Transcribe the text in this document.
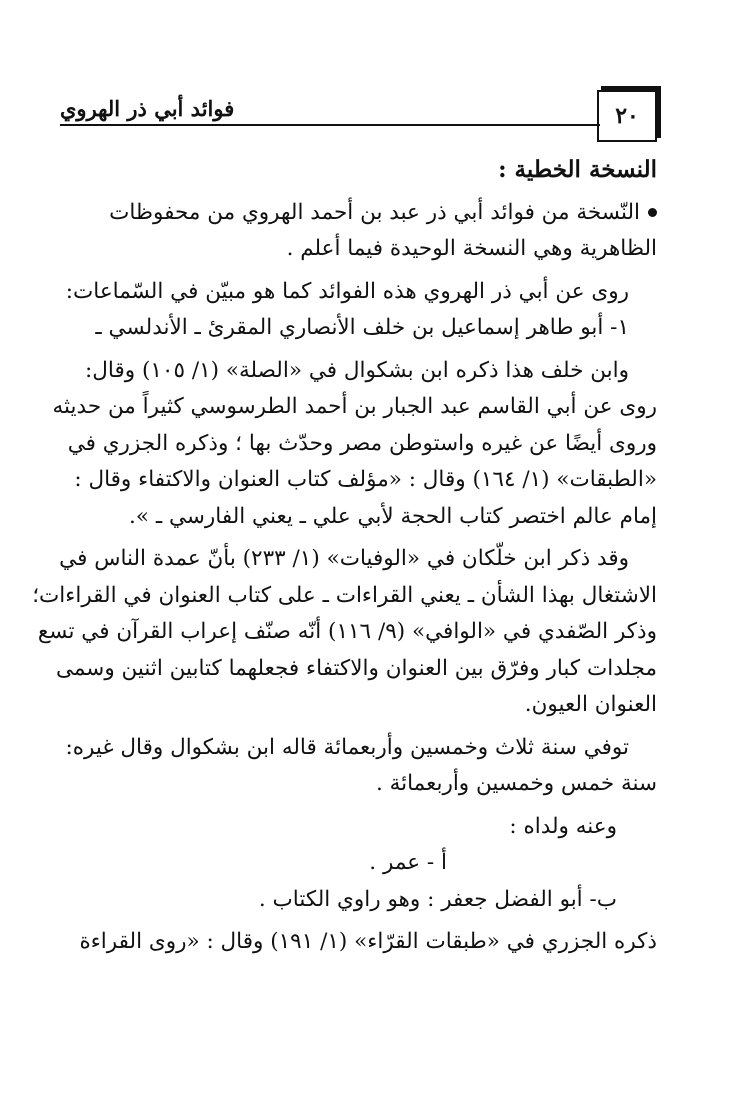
٢٠
فوائد أبي ذر الهروي
النسخة الخطية :
النّسخة من فوائد أبي ذر عبد بن أحمد الهروي من محفوظات
الظاهرية وهي النسخة الوحيدة فيما أعلم .
روى عن أبي ذر الهروي هذه الفوائد كما هو مبيّن في السّماعات:
١- أبو طاهر إسماعيل بن خلف الأنصاري المقرئ ـ الأندلسي ـ
وابن خلف هذا ذكره ابن بشكوال في «الصلة» (١/ ١٠٥) وقال:
روى عن أبي القاسم عبد الجبار بن أحمد الطرسوسي كثيراً من حديثه
وروى أيضًا عن غيره واستوطن مصر وحدّث بها ؛ وذكره الجزري في
«الطبقات» (١/ ١٦٤) وقال : «مؤلف كتاب العنوان والاكتفاء وقال :
إمام عالم اختصر كتاب الحجة لأبي علي ـ يعني الفارسي ـ ».
وقد ذكر ابن خلّكان في «الوفيات» (١/ ٢٣٣) بأنّ عمدة الناس في
الاشتغال بهذا الشأن ـ يعني القراءات ـ على كتاب العنوان في القراءات؛
وذكر الصّفدي في «الوافي» (٩/ ١١٦) أنّه صنّف إعراب القرآن في تسع
مجلدات كبار وفرّق بين العنوان والاكتفاء فجعلهما كتابين اثنين وسمى
العنوان العيون.
توفي سنة ثلاث وخمسين وأربعمائة قاله ابن بشكوال وقال غيره:
سنة خمس وخمسين وأربعمائة .
وعنه ولداه :
أ - عمر .
ب- أبو الفضل جعفر : وهو راوي الكتاب .
ذكره الجزري في «طبقات القرّاء» (١/ ١٩١) وقال : «روى القراءة
